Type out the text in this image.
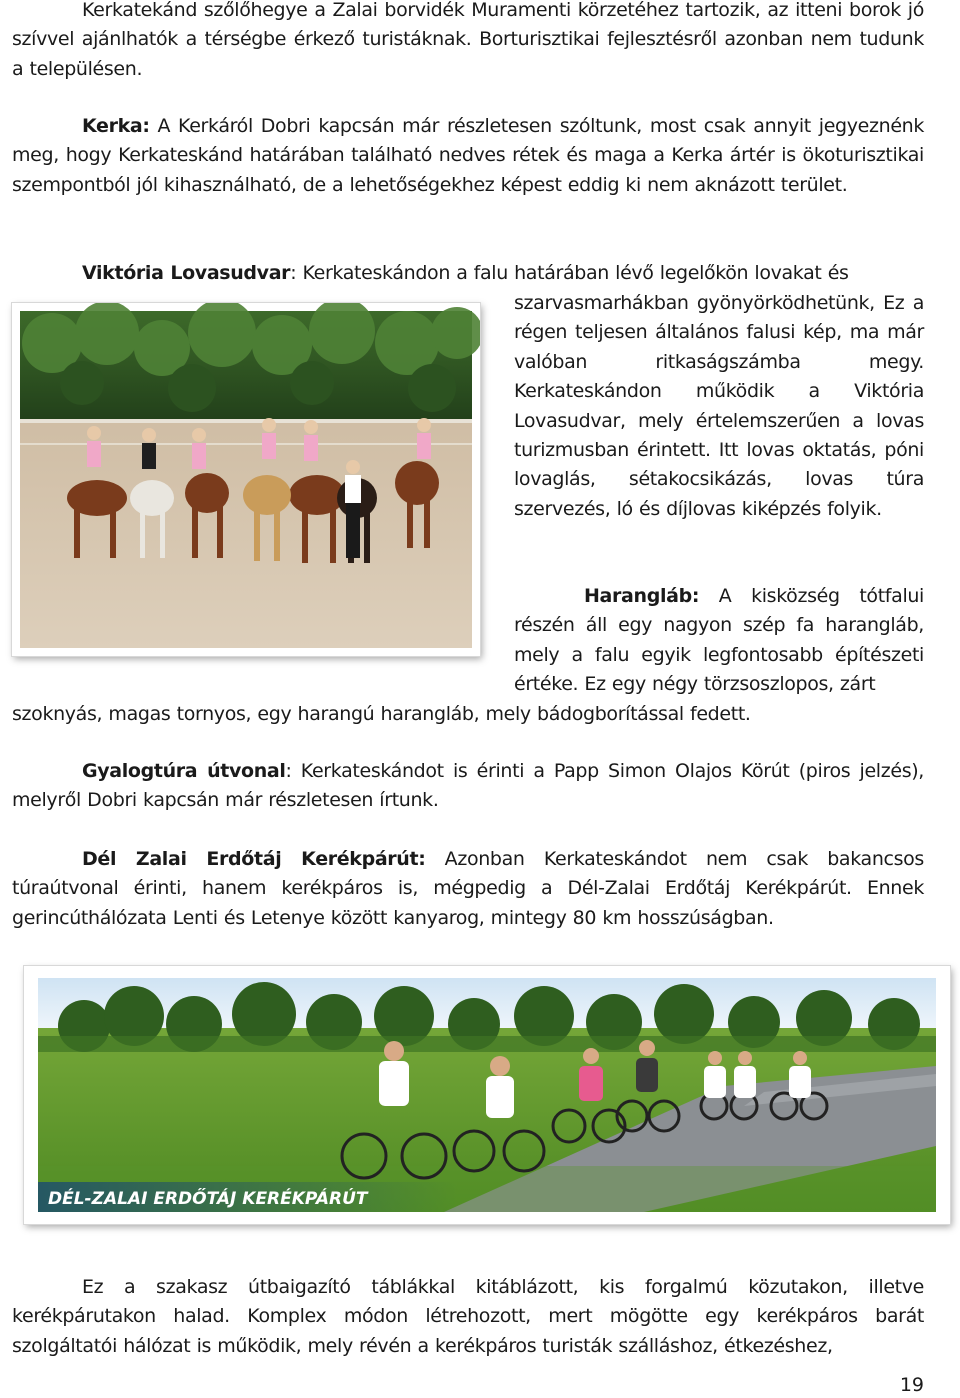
Kerkatekánd szőlőhegye a Zalai borvidék Muramenti körzetéhez tartozik, az itteni borok jó szívvel ajánlhatók a térségbe érkező turistáknak. Borturisztikai fejlesztésről azonban nem tudunk a településen.

Kerka: A Kerkáról Dobri kapcsán már részletesen szóltunk, most csak annyit jegyeznénk meg, hogy Kerkateskánd határában található nedves rétek és maga a Kerka ártér is ökoturisztikai szempontból jól kihasználható, de a lehetőségekhez képest eddig ki nem aknázott terület.

Viktória Lovasudvar: Kerkateskándon a falu határában lévő legelőkön lovakat és

szarvasmarhákban gyönyörködhetünk, Ez a régen teljesen általános falusi kép, ma már valóban ritkaságszámba megy. Kerkateskándon működik a Viktória Lovasudvar, mely értelemszerűen a lovas turizmusban érintett. Itt lovas oktatás, póni lovaglás, sétakocsikázás, lovas túra szervezés, ló és díjlovas kiképzés folyik.

Harangláb: A kisközség tótfalui részén áll egy nagyon szép fa harangláb, mely a falu egyik legfontosabb építészeti értéke. Ez egy négy törzsoszlopos, zárt

szoknyás, magas tornyos, egy harangú harangláb, mely bádogborítással fedett.

Gyalogtúra útvonal: Kerkateskándot is érinti a Papp Simon Olajos Körút (piros jelzés), melyről Dobri kapcsán már részletesen írtunk.

Dél Zalai Erdőtáj Kerékpárút: Azonban Kerkateskándot nem csak bakancsos túraútvonal érinti, hanem kerékpáros is, mégpedig a Dél-Zalai Erdőtáj Kerékpárút. Ennek gerincúthálózata Lenti és Letenye között kanyarog, mintegy 80 km hosszúságban.

DÉL-ZALAI ERDŐTÁJ KERÉKPÁRÚT

Ez a szakasz útbaigazító táblákkal kitáblázott, kis forgalmú közutakon, illetve kerékpárutakon halad. Komplex módon létrehozott, mert mögötte egy kerékpáros barát szolgáltatói hálózat is működik, mely révén a kerékpáros turisták szálláshoz, étkezéshez,

19
